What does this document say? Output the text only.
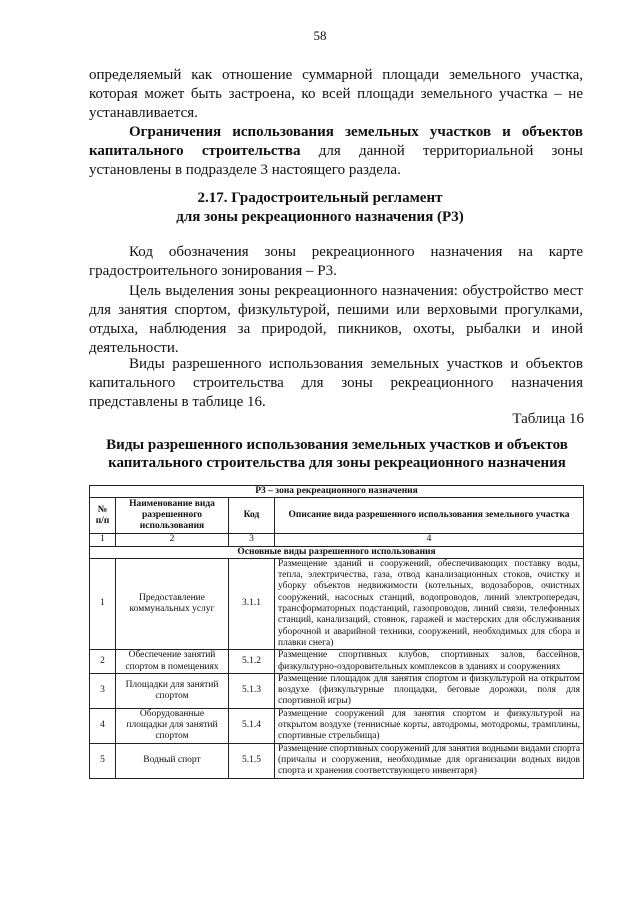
58

определяемый как отношение суммарной площади земельного участка, которая может быть застроена, ко всей площади земельного участка – не устанавливается.

Ограничения использования земельных участков и объектов капитального строительства для данной территориальной зоны установлены в подразделе 3 настоящего раздела.

2.17. Градостроительный регламент
для зоны рекреационного назначения (Р3)

Код обозначения зоны рекреационного назначения на карте градостроительного зонирования – Р3.

Цель выделения зоны рекреационного назначения: обустройство мест для занятия спортом, физкультурой, пешими или верховыми прогулками, отдыха, наблюдения за природой, пикников, охоты, рыбалки и иной деятельности.

Виды разрешенного использования земельных участков и объектов капитального строительства для зоны рекреационного назначения представлены в таблице 16.

Таблица 16
Виды разрешенного использования земельных участков и объектов
капитального строительства для зоны рекреационного назначения
Р3 – зона рекреационного назначения			
№ п/п	Наименование вида разрешенного использования	Код	Описание вида разрешенного использования земельного участка
1	2	3	4
Основные виды разрешенного использования			
1	Предоставление коммунальных услуг	3.1.1	Размещение зданий и сооружений, обеспечивающих поставку воды, тепла, электричества, газа, отвод канализационных стоков, очистку и уборку объектов недвижимости (котельных, водозаборов, очистных сооружений, насосных станций, водопроводов, линий электропередач, трансформаторных подстанций, газопроводов, линий связи, телефонных станций, канализаций, стоянок, гаражей и мастерских для обслуживания уборочной и аварийной техники, сооружений, необходимых для сбора и плавки снега)
2	Обеспечение занятий спортом в помещениях	5.1.2	Размещение спортивных клубов, спортивных залов, бассейнов, физкультурно-оздоровительных комплексов в зданиях и сооружениях
3	Площадки для занятий спортом	5.1.3	Размещение площадок для занятия спортом и физкультурой на открытом воздухе (физкультурные площадки, беговые дорожки, поля для спортивной игры)
4	Оборудованные площадки для занятий спортом	5.1.4	Размещение сооружений для занятия спортом и физкультурой на открытом воздухе (теннисные корты, автодромы, мотодромы, трамплины, спортивные стрельбища)
5	Водный спорт	5.1.5	Размещение спортивных сооружений для занятия водными видами спорта (причалы и сооружения, необходимые для организации водных видов спорта и хранения соответствующего инвентаря)
